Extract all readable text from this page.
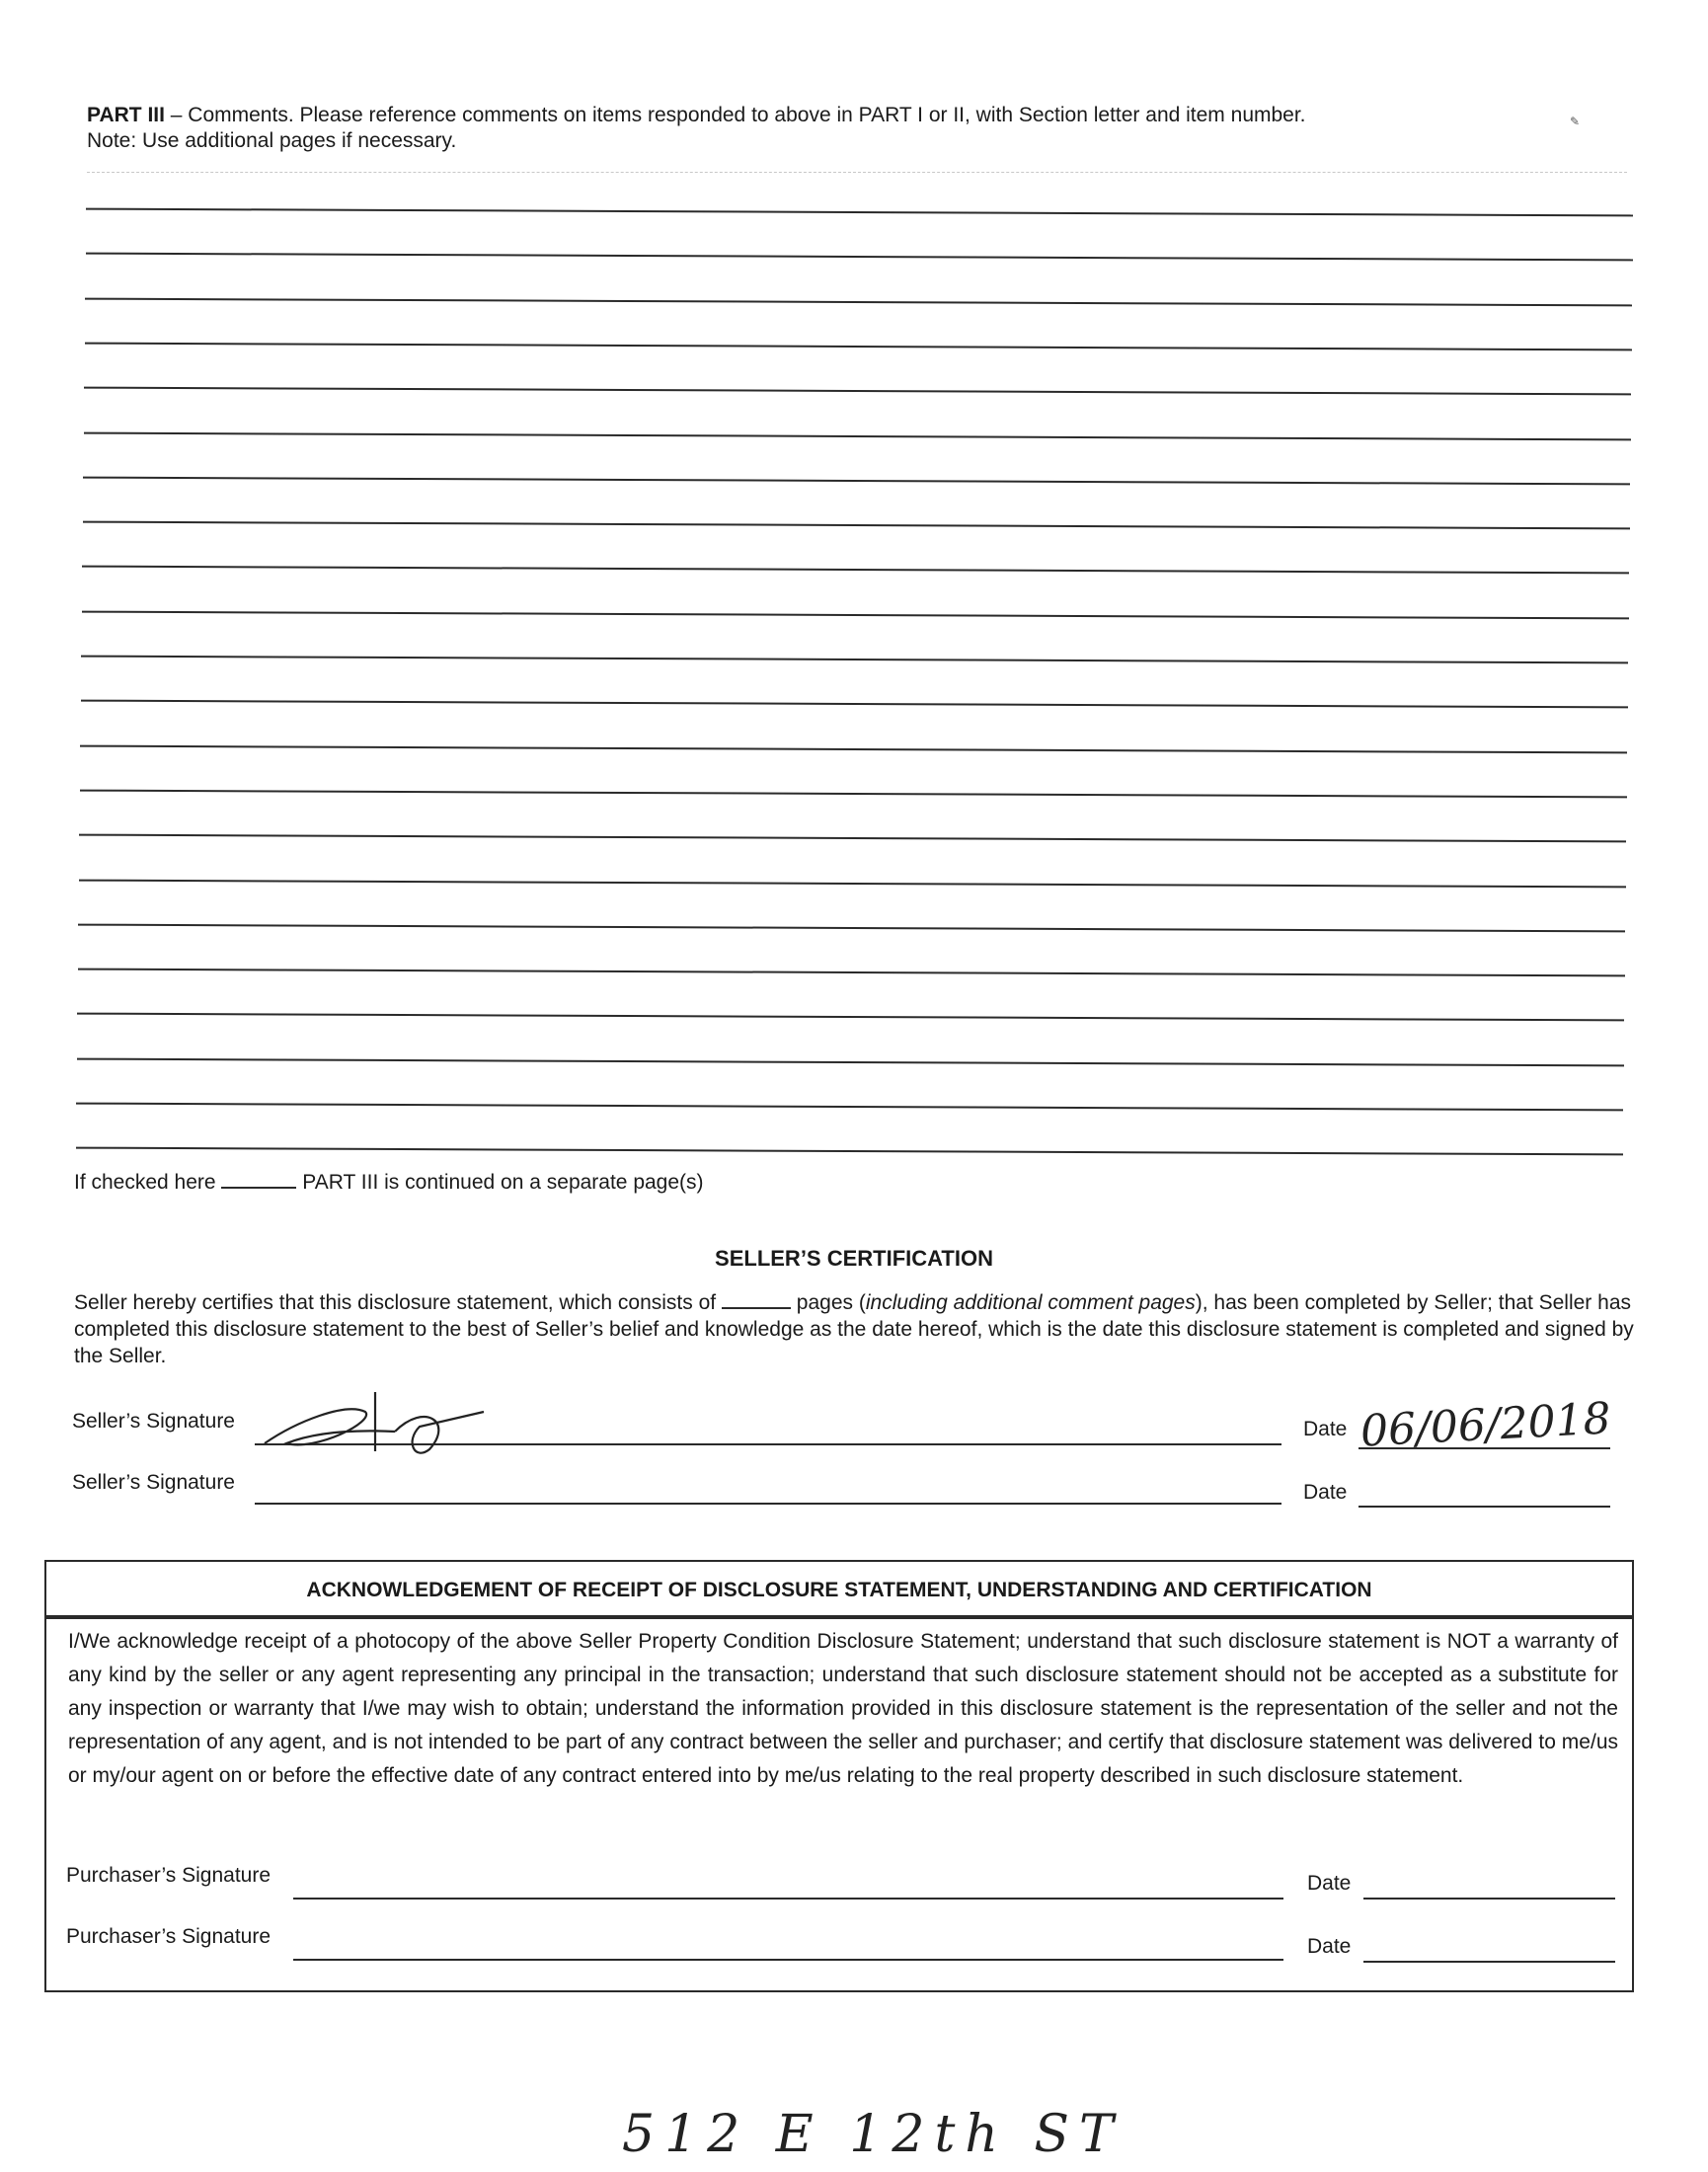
PART III – Comments. Please reference comments on items responded to above in PART I or II, with Section letter and item number.
Note: Use additional pages if necessary.
✎
If checked here	PART III is continued on a separate page(s)
SELLER’S CERTIFICATION
Seller hereby certifies that this disclosure statement, which consists of	pages (including additional comment pages), has been completed by Seller; that Seller has completed this disclosure statement to the best of Seller’s belief and knowledge as the date hereof, which is the date this disclosure statement is completed and signed by the Seller.
Seller’s Signature
GA
Date 06/06/2018
Seller’s Signature	Date
ACKNOWLEDGEMENT OF RECEIPT OF DISCLOSURE STATEMENT, UNDERSTANDING AND CERTIFICATION
I/We acknowledge receipt of a photocopy of the above Seller Property Condition Disclosure Statement; understand that such disclosure statement is NOT a warranty of any kind by the seller or any agent representing any principal in the transaction; understand that such disclosure statement should not be accepted as a substitute for any inspection or warranty that I/we may wish to obtain; understand the information provided in this disclosure statement is the representation of the seller and not the representation of any agent, and is not intended to be part of any contract between the seller and purchaser; and certify that disclosure statement was delivered to me/us or my/our agent on or before the effective date of any contract entered into by me/us relating to the real property described in such disclosure statement.
Purchaser’s Signature	Date
Purchaser’s Signature	Date
512 E 12th ST
